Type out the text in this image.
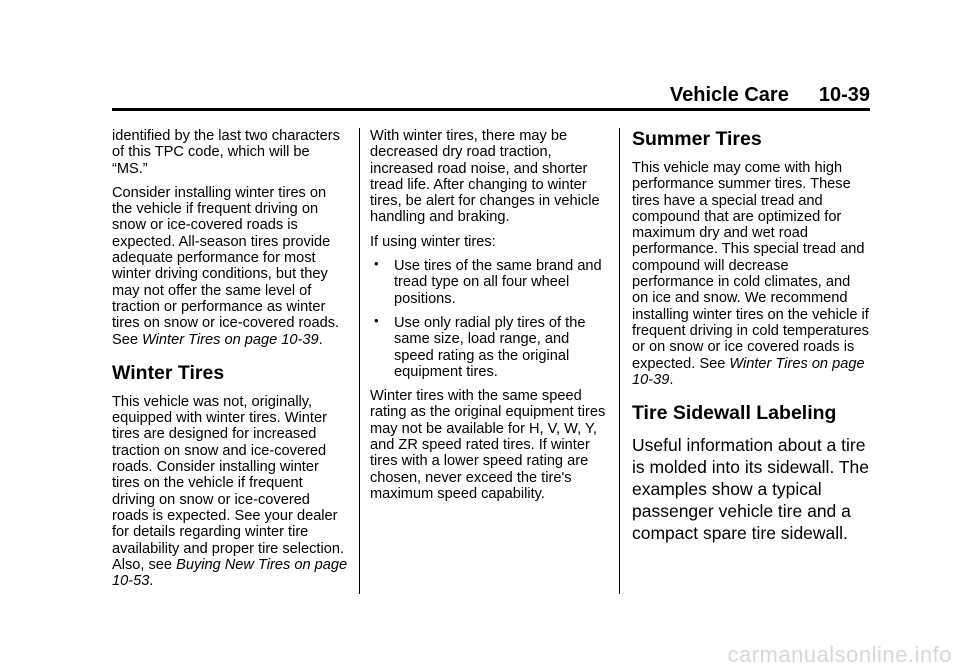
Vehicle Care 10-39

identified by the last two characters of this TPC code, which will be “MS.”

Consider installing winter tires on the vehicle if frequent driving on snow or ice-covered roads is expected. All-season tires provide adequate performance for most winter driving conditions, but they may not offer the same level of traction or performance as winter tires on snow or ice-covered roads. See Winter Tires on page 10-39.

Winter Tires

This vehicle was not, originally, equipped with winter tires. Winter tires are designed for increased traction on snow and ice-covered roads. Consider installing winter tires on the vehicle if frequent driving on snow or ice-covered roads is expected. See your dealer for details regarding winter tire availability and proper tire selection. Also, see Buying New Tires on page 10-53.

With winter tires, there may be decreased dry road traction, increased road noise, and shorter tread life. After changing to winter tires, be alert for changes in vehicle handling and braking.

If using winter tires:

• Use tires of the same brand and tread type on all four wheel positions.
• Use only radial ply tires of the same size, load range, and speed rating as the original equipment tires.

Winter tires with the same speed rating as the original equipment tires may not be available for H, V, W, Y, and ZR speed rated tires. If winter tires with a lower speed rating are chosen, never exceed the tire's maximum speed capability.

Summer Tires

This vehicle may come with high performance summer tires. These tires have a special tread and compound that are optimized for maximum dry and wet road performance. This special tread and compound will decrease performance in cold climates, and on ice and snow. We recommend installing winter tires on the vehicle if frequent driving in cold temperatures or on snow or ice covered roads is expected. See Winter Tires on page 10-39.

Tire Sidewall Labeling

Useful information about a tire is molded into its sidewall. The examples show a typical passenger vehicle tire and a compact spare tire sidewall.

carmanualsonline.info
